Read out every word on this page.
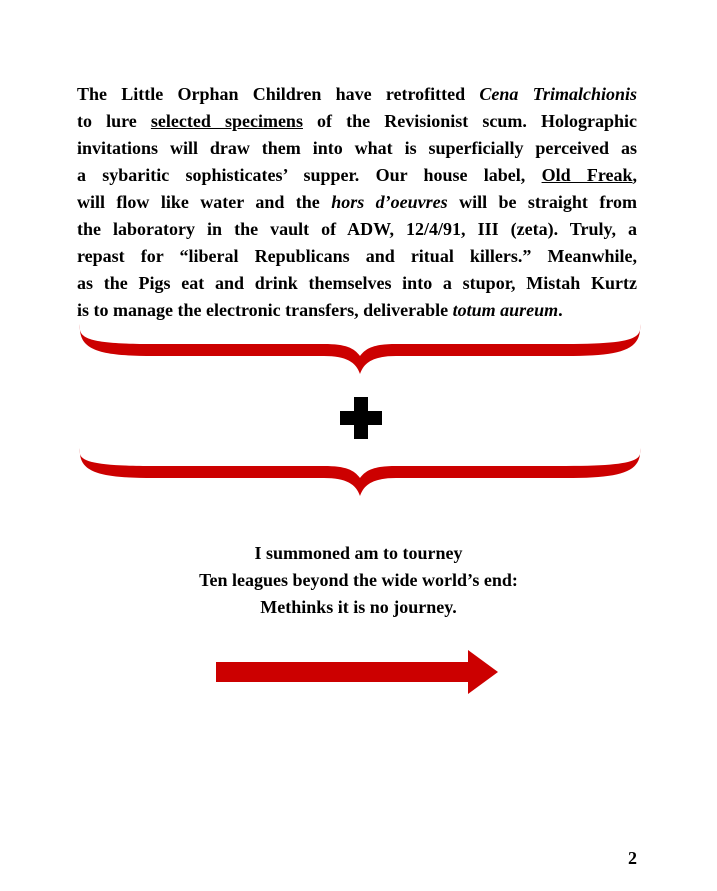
The Little Orphan Children have retrofitted Cena Trimalchionis
to lure selected specimens of the Revisionist scum. Holographic
invitations will draw them into what is superficially perceived as
a sybaritic sophisticates’ supper. Our house label, Old Freak,
will flow like water and the hors d’oeuvres will be straight from
the laboratory in the vault of ADW, 12/4/91, III (zeta). Truly, a
repast for “liberal Republicans and ritual killers.” Meanwhile,
as the Pigs eat and drink themselves into a stupor, Mistah Kurtz
is to manage the electronic transfers, deliverable totum aureum.
I summoned am to tourney
Ten leagues beyond the wide world’s end:
Methinks it is no journey.
2
